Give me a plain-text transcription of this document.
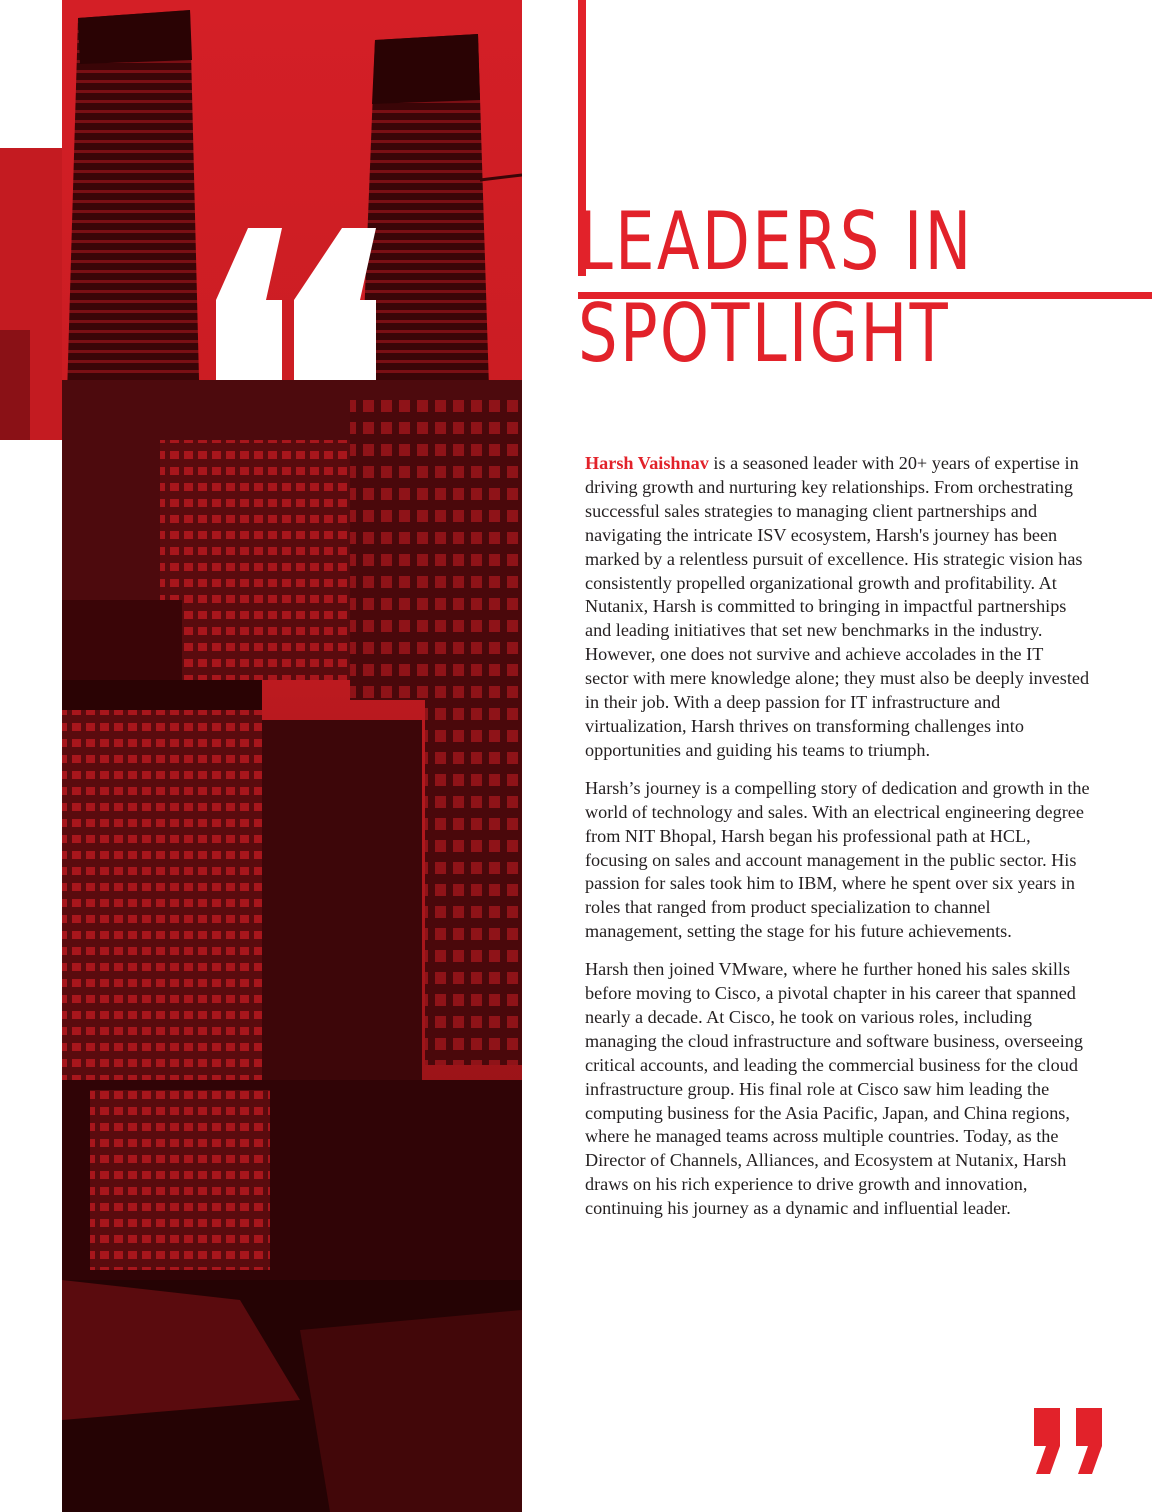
LEADERS IN
SPOTLIGHT

Harsh Vaishnav is a seasoned leader with 20+ years of expertise in driving growth and nurturing key relationships. From orchestrating successful sales strategies to managing client partnerships and navigating the intricate ISV ecosystem, Harsh's journey has been marked by a relentless pursuit of excellence. His strategic vision has consistently propelled organizational growth and profitability. At Nutanix, Harsh is committed to bringing in impactful partnerships and leading initiatives that set new benchmarks in the industry. However, one does not survive and achieve accolades in the IT sector with mere knowledge alone; they must also be deeply invested in their job. With a deep passion for IT infrastructure and virtualization, Harsh thrives on transforming challenges into opportunities and guiding his teams to triumph.

Harsh’s journey is a compelling story of dedication and growth in the world of technology and sales. With an electrical engineering degree from NIT Bhopal, Harsh began his professional path at HCL, focusing on sales and account management in the public sector. His passion for sales took him to IBM, where he spent over six years in roles that ranged from product specialization to channel management, setting the stage for his future achievements.

Harsh then joined VMware, where he further honed his sales skills before moving to Cisco, a pivotal chapter in his career that spanned nearly a decade. At Cisco, he took on various roles, including managing the cloud infrastructure and software business, overseeing critical accounts, and leading the commercial business for the cloud infrastructure group. His final role at Cisco saw him leading the computing business for the Asia Pacific, Japan, and China regions, where he managed teams across multiple countries. Today, as the Director of Channels, Alliances, and Ecosystem at Nutanix, Harsh draws on his rich experience to drive growth and innovation, continuing his journey as a dynamic and influential leader.
